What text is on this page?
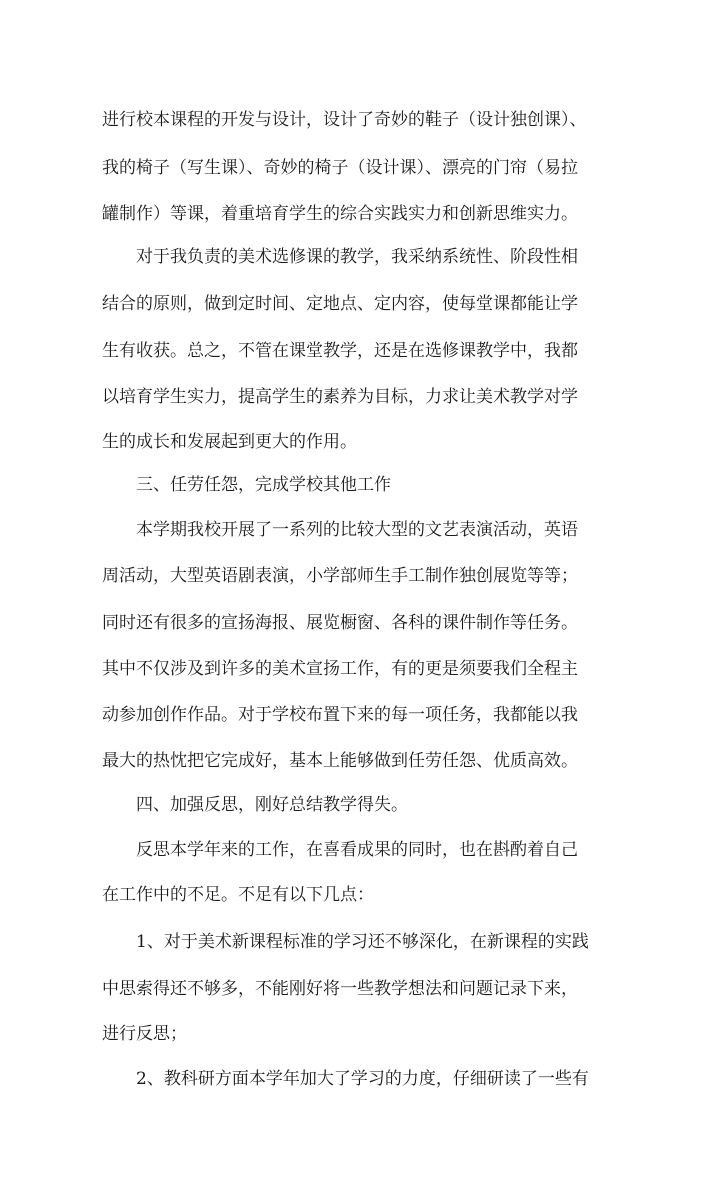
进行校本课程的开发与设计，设计了奇妙的鞋子（设计独创课）、
我的椅子（写生课）、奇妙的椅子（设计课）、漂亮的门帘（易拉
罐制作）等课，着重培育学生的综合实践实力和创新思维实力。
对于我负责的美术选修课的教学，我采纳系统性、阶段性相
结合的原则，做到定时间、定地点、定内容，使每堂课都能让学
生有收获。总之，不管在课堂教学，还是在选修课教学中，我都
以培育学生实力，提高学生的素养为目标，力求让美术教学对学
生的成长和发展起到更大的作用。
三、任劳任怨，完成学校其他工作
本学期我校开展了一系列的比较大型的文艺表演活动，英语
周活动，大型英语剧表演，小学部师生手工制作独创展览等等；
同时还有很多的宣扬海报、展览橱窗、各科的课件制作等任务。
其中不仅涉及到许多的美术宣扬工作，有的更是须要我们全程主
动参加创作作品。对于学校布置下来的每一项任务，我都能以我
最大的热忱把它完成好，基本上能够做到任劳任怨、优质高效。
四、加强反思，刚好总结教学得失。
反思本学年来的工作，在喜看成果的同时，也在斟酌着自己
在工作中的不足。不足有以下几点：
1、对于美术新课程标准的学习还不够深化，在新课程的实践
中思索得还不够多，不能刚好将一些教学想法和问题记录下来，
进行反思；
2、教科研方面本学年加大了学习的力度，仔细研读了一些有
